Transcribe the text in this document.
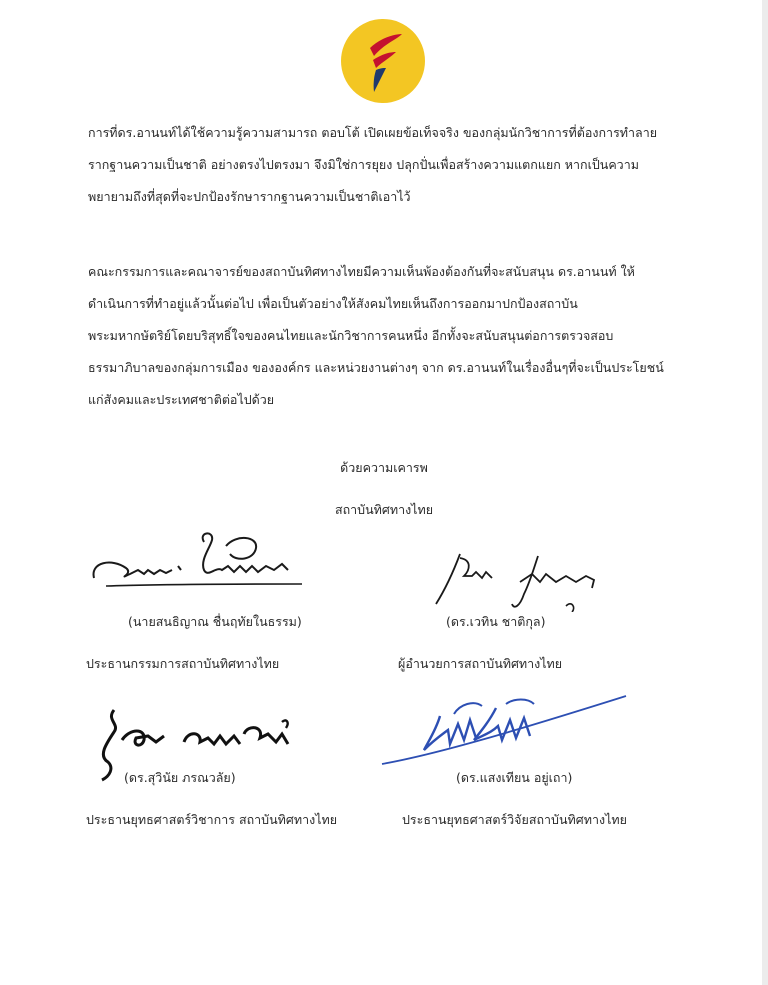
การที่ดร.อานนท์ได้ใช้ความรู้ความสามารถ ตอบโต้ เปิดเผยข้อเท็จจริง ของกลุ่มนักวิชาการที่ต้องการทำลาย
รากฐานความเป็นชาติ อย่างตรงไปตรงมา จึงมิใช่การยุยง ปลุกปั่นเพื่อสร้างความแตกแยก หากเป็นความ
พยายามถึงที่สุดที่จะปกป้องรักษารากฐานความเป็นชาติเอาไว้
คณะกรรมการและคณาจารย์ของสถาบันทิศทางไทยมีความเห็นพ้องต้องกันที่จะสนับสนุน ดร.อานนท์ ให้
ดำเนินการที่ทำอยู่แล้วนั้นต่อไป เพื่อเป็นตัวอย่างให้สังคมไทยเห็นถึงการออกมาปกป้องสถาบัน
พระมหากษัตริย์โดยบริสุทธิ์ใจของคนไทยและนักวิชาการคนหนึ่ง อีกทั้งจะสนับสนุนต่อการตรวจสอบ
ธรรมาภิบาลของกลุ่มการเมือง ขององค์กร และหน่วยงานต่างๆ จาก ดร.อานนท์ในเรื่องอื่นๆที่จะเป็นประโยชน์
แก่สังคมและประเทศชาติต่อไปด้วย
ด้วยความเคารพ
สถาบันทิศทางไทย
(นายสนธิญาณ ชื่นฤทัยในธรรม)
ประธานกรรมการสถาบันทิศทางไทย
(ดร.เวทิน ชาติกุล)
ผู้อำนวยการสถาบันทิศทางไทย
(ดร.สุวินัย ภรณวลัย)
ประธานยุทธศาสตร์วิชาการ สถาบันทิศทางไทย
(ดร.แสงเทียน อยู่เถา)
ประธานยุทธศาสตร์วิจัยสถาบันทิศทางไทย
